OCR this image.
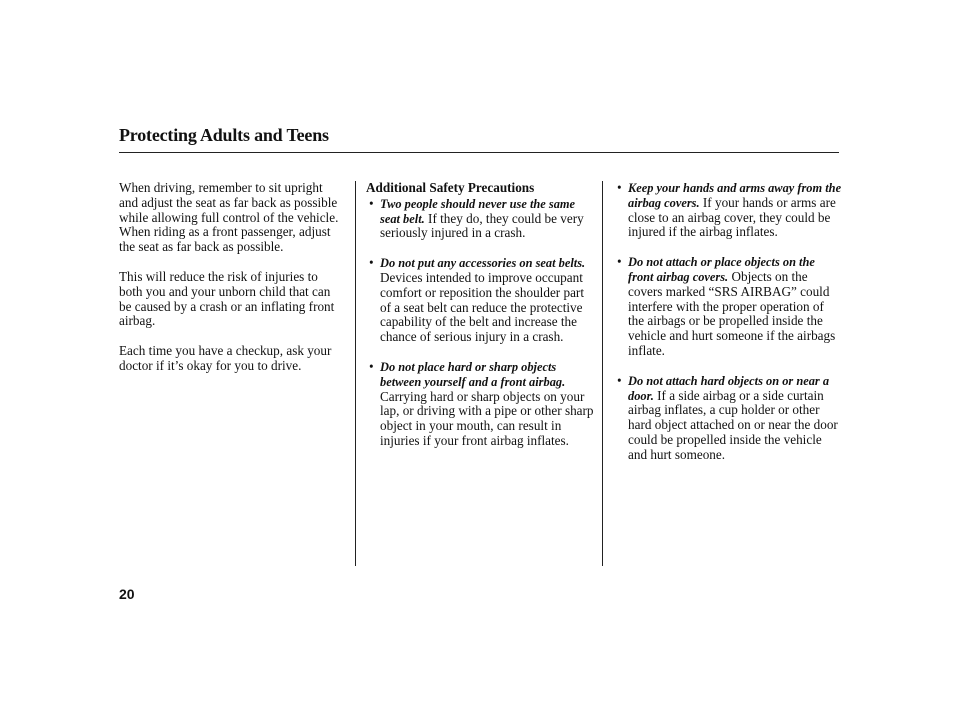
Protecting Adults and Teens

When driving, remember to sit upright and adjust the seat as far back as possible while allowing full control of the vehicle. When riding as a front passenger, adjust the seat as far back as possible.

This will reduce the risk of injuries to both you and your unborn child that can be caused by a crash or an inflating front airbag.

Each time you have a checkup, ask your doctor if it’s okay for you to drive.

Additional Safety Precautions
• Two people should never use the same seat belt. If they do, they could be very seriously injured in a crash.
• Do not put any accessories on seat belts. Devices intended to improve occupant comfort or reposition the shoulder part of a seat belt can reduce the protective capability of the belt and increase the chance of serious injury in a crash.
• Do not place hard or sharp objects between yourself and a front airbag. Carrying hard or sharp objects on your lap, or driving with a pipe or other sharp object in your mouth, can result in injuries if your front airbag inflates.
• Keep your hands and arms away from the airbag covers. If your hands or arms are close to an airbag cover, they could be injured if the airbag inflates.
• Do not attach or place objects on the front airbag covers. Objects on the covers marked “SRS AIRBAG” could interfere with the proper operation of the airbags or be propelled inside the vehicle and hurt someone if the airbags inflate.
• Do not attach hard objects on or near a door. If a side airbag or a side curtain airbag inflates, a cup holder or other hard object attached on or near the door could be propelled inside the vehicle and hurt someone.
20
